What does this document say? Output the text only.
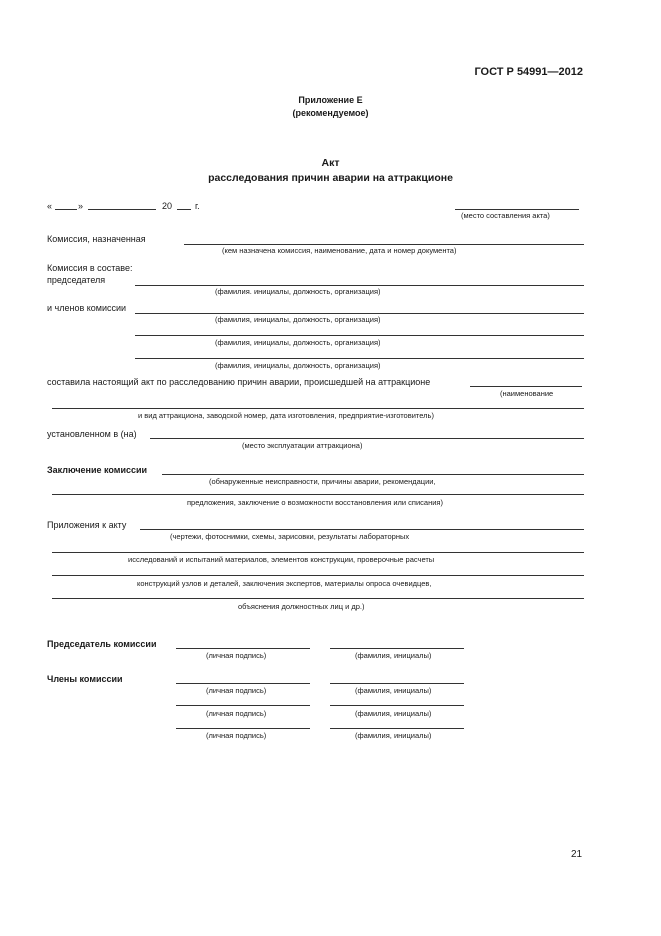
ГОСТ Р 54991—2012
Приложение Е
(рекомендуемое)
Акт
расследования причин аварии на аттракционе
«	»	20	г.
(место составления акта)
Комиссия, назначенная
(кем назначена комиссия, наименование, дата и номер документа)
Комиссия в составе:
председателя
(фамилия. инициалы, должность, организация)
и членов комиссии
(фамилия, инициалы, должность, организация)
(фамилия, инициалы, должность, организация)
(фамилия, инициалы, должность, организация)
составила настоящий акт по расследованию причин аварии, происшедшей на аттракционе
(наименование
и вид аттракциона, заводской номер, дата изготовления, предприятие-изготовитель)
установленном в (на)
(место эксплуатации аттракциона)
Заключение комиссии
(обнаруженные неисправности, причины аварии, рекомендации,
предложения, заключение о возможности восстановления или списания)
Приложения к акту
(чертежи, фотоснимки, схемы, зарисовки, результаты лабораторных
исследований и испытаний материалов, элементов конструкции, проверочные расчеты
конструкций узлов и деталей, заключения экспертов, материалы опроса очевидцев,
объяснения должностных лиц и др.)
Председатель комиссии
(личная подпись)	(фамилия, инициалы)
Члены комиссии
(личная подпись)	(фамилия, инициалы)
(личная подпись)	(фамилия, инициалы)
(личная подпись)	(фамилия, инициалы)
21
